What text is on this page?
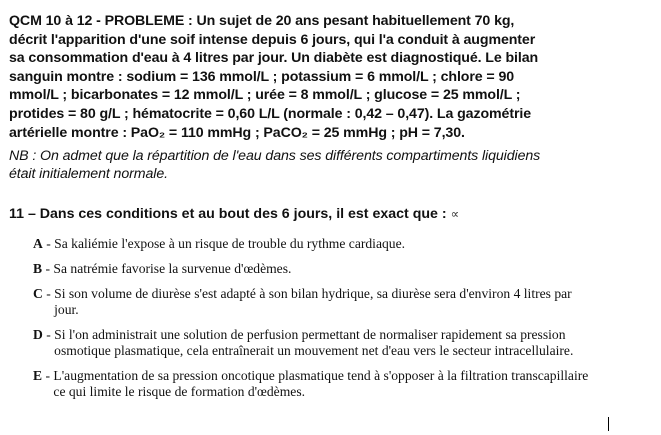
QCM 10 à 12 - PROBLEME : Un sujet de 20 ans pesant habituellement 70 kg,
décrit l'apparition d'une soif intense depuis 6 jours, qui l'a conduit à augmenter
sa consommation d'eau à 4 litres par jour. Un diabète est diagnostiqué. Le bilan
sanguin montre : sodium = 136 mmol/L ; potassium = 6 mmol/L ; chlore = 90
mmol/L ; bicarbonates = 12 mmol/L ; urée = 8 mmol/L ; glucose = 25 mmol/L ;
protides = 80 g/L ; hématocrite = 0,60 L/L (normale : 0,42 – 0,47). La gazométrie
artérielle montre : PaO₂ = 110 mmHg ; PaCO₂ = 25 mmHg ; pH = 7,30.
NB : On admet que la répartition de l'eau dans ses différents compartiments liquidiens
était initialement normale.
11 – Dans ces conditions et au bout des 6 jours, il est exact que : ∝
A - Sa kaliémie l'expose à un risque de trouble du rythme cardiaque.
B - Sa natrémie favorise la survenue d'œdèmes.
C - Si son volume de diurèse s'est adapté à son bilan hydrique, sa diurèse sera d'environ 4 litres par jour.
D - Si l'on administrait une solution de perfusion permettant de normaliser rapidement sa pression osmotique plasmatique, cela entraînerait un mouvement net d'eau vers le secteur intracellulaire.
E - L'augmentation de sa pression oncotique plasmatique tend à s'opposer à la filtration transcapillaire ce qui limite le risque de formation d'œdèmes.
